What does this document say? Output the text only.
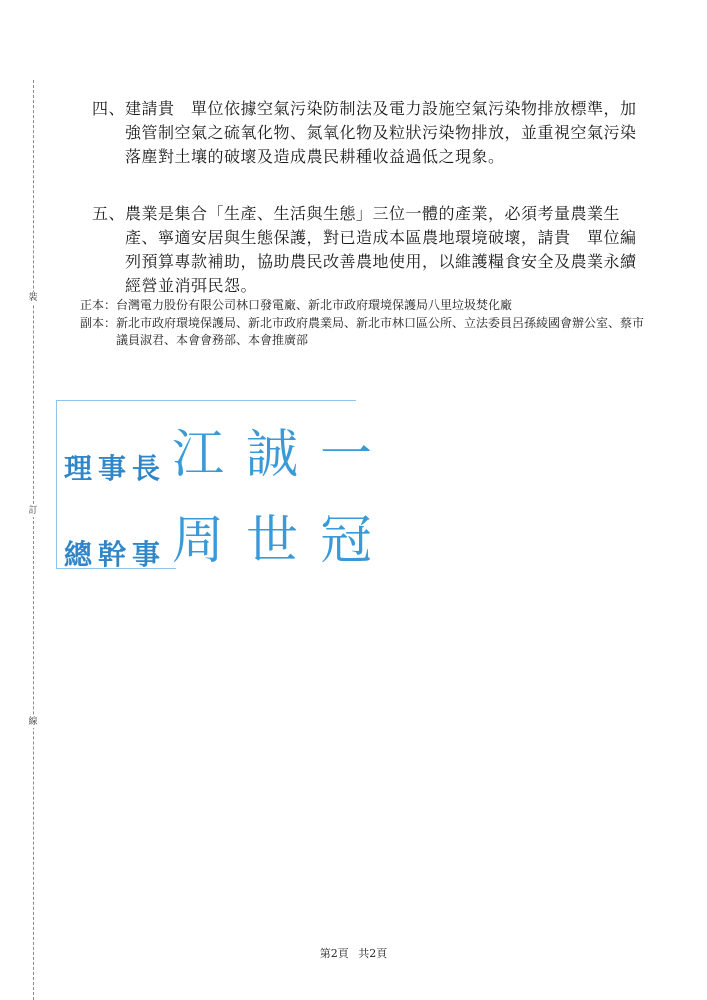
裝
訂
線
四、 建請貴　單位依據空氣污染防制法及電力設施空氣污染物排放標準，加強管制空氣之硫氧化物、氮氧化物及粒狀污染物排放，並重視空氣污染落塵對土壤的破壞及造成農民耕種收益過低之現象。
五、 農業是集合「生產、生活與生態」三位一體的產業，必須考量農業生產、寧適安居與生態保護，對已造成本區農地環境破壞，請貴　單位編列預算專款補助，協助農民改善農地使用，以維護糧食安全及農業永續經營並消弭民怨。
正本： 台灣電力股份有限公司林口發電廠、新北市政府環境保護局八里垃圾焚化廠
副本： 新北市政府環境保護局、新北市政府農業局、新北市林口區公所、立法委員呂孫綾國會辦公室、蔡市議員淑君、本會會務部、本會推廣部
理事長 江誠一
總幹事 周世冠
第2頁 共2頁
